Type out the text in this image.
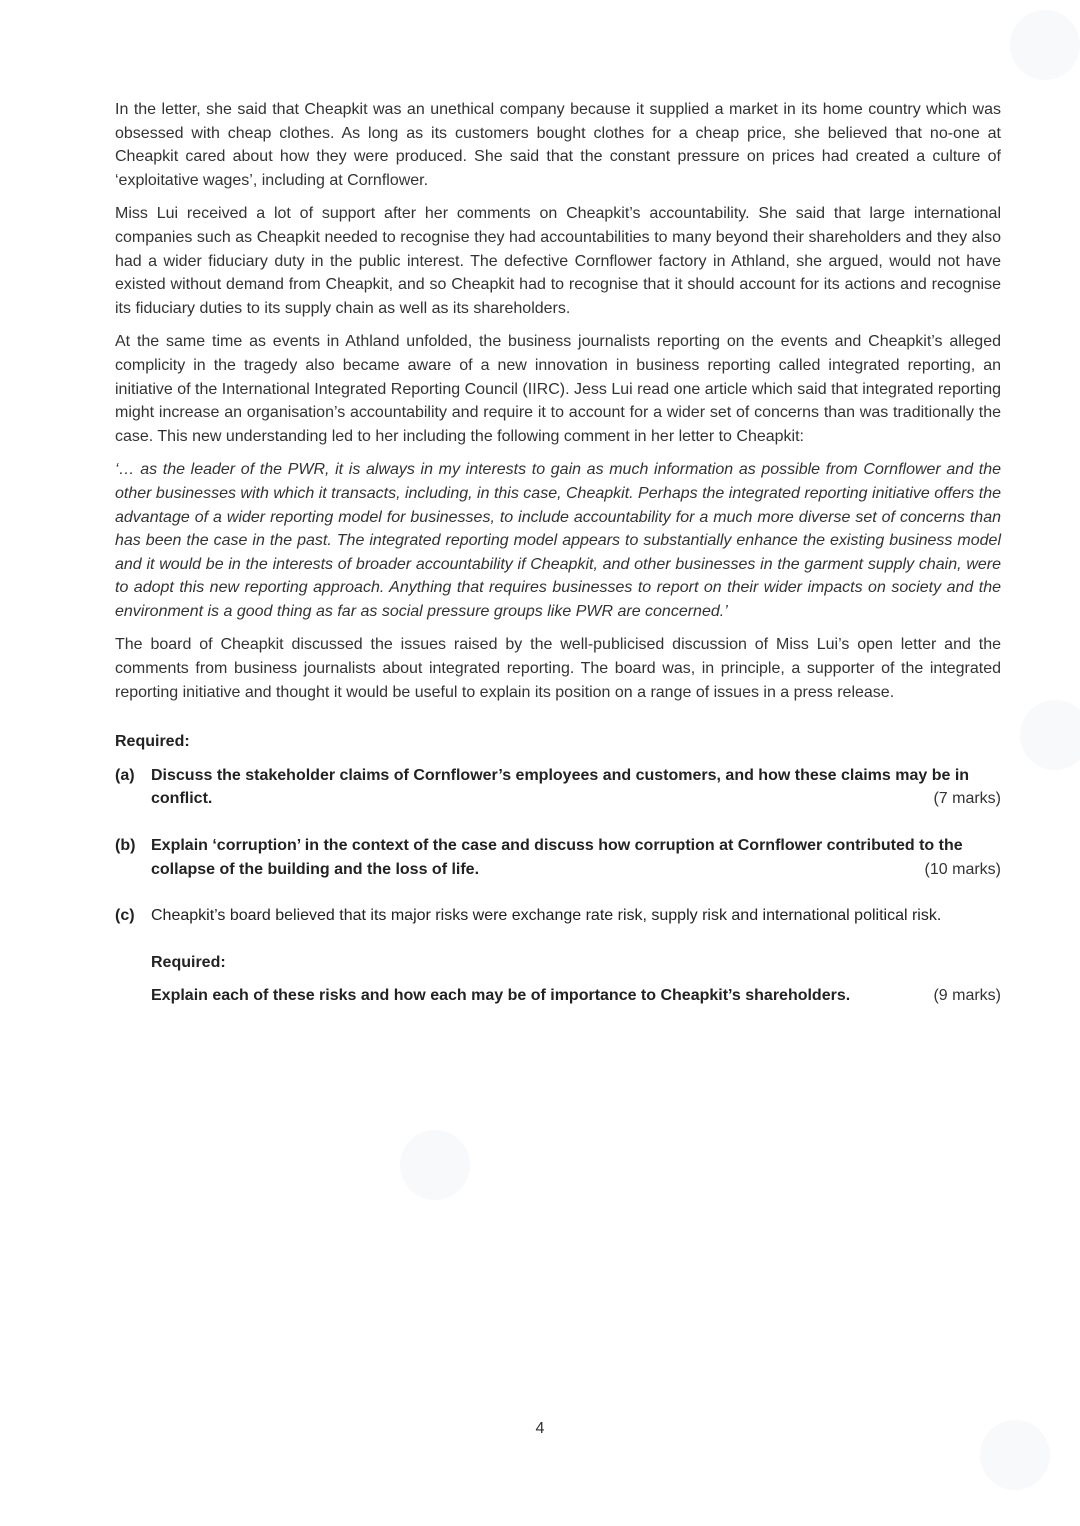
In the letter, she said that Cheapkit was an unethical company because it supplied a market in its home country which was obsessed with cheap clothes. As long as its customers bought clothes for a cheap price, she believed that no-one at Cheapkit cared about how they were produced. She said that the constant pressure on prices had created a culture of ‘exploitative wages’, including at Cornflower.

Miss Lui received a lot of support after her comments on Cheapkit’s accountability. She said that large international companies such as Cheapkit needed to recognise they had accountabilities to many beyond their shareholders and they also had a wider fiduciary duty in the public interest. The defective Cornflower factory in Athland, she argued, would not have existed without demand from Cheapkit, and so Cheapkit had to recognise that it should account for its actions and recognise its fiduciary duties to its supply chain as well as its shareholders.

At the same time as events in Athland unfolded, the business journalists reporting on the events and Cheapkit’s alleged complicity in the tragedy also became aware of a new innovation in business reporting called integrated reporting, an initiative of the International Integrated Reporting Council (IIRC). Jess Lui read one article which said that integrated reporting might increase an organisation’s accountability and require it to account for a wider set of concerns than was traditionally the case. This new understanding led to her including the following comment in her letter to Cheapkit:

‘… as the leader of the PWR, it is always in my interests to gain as much information as possible from Cornflower and the other businesses with which it transacts, including, in this case, Cheapkit. Perhaps the integrated reporting initiative offers the advantage of a wider reporting model for businesses, to include accountability for a much more diverse set of concerns than has been the case in the past. The integrated reporting model appears to substantially enhance the existing business model and it would be in the interests of broader accountability if Cheapkit, and other businesses in the garment supply chain, were to adopt this new reporting approach. Anything that requires businesses to report on their wider impacts on society and the environment is a good thing as far as social pressure groups like PWR are concerned.’

The board of Cheapkit discussed the issues raised by the well-publicised discussion of Miss Lui’s open letter and the comments from business journalists about integrated reporting. The board was, in principle, a supporter of the integrated reporting initiative and thought it would be useful to explain its position on a range of issues in a press release.

Required:
(a)	Discuss the stakeholder claims of Cornflower’s employees and customers, and how these claims may be in
conflict.	(7 marks)
(b) Explain ‘corruption’ in the context of the case and discuss how corruption at Cornflower contributed to the
collapse of the building and the loss of life.	(10 marks)
(c)	Cheapkit’s board believed that its major risks were exchange rate risk, supply risk and international political risk.
Required:
Explain each of these risks and how each may be of importance to Cheapkit’s shareholders.	(9 marks)
4
